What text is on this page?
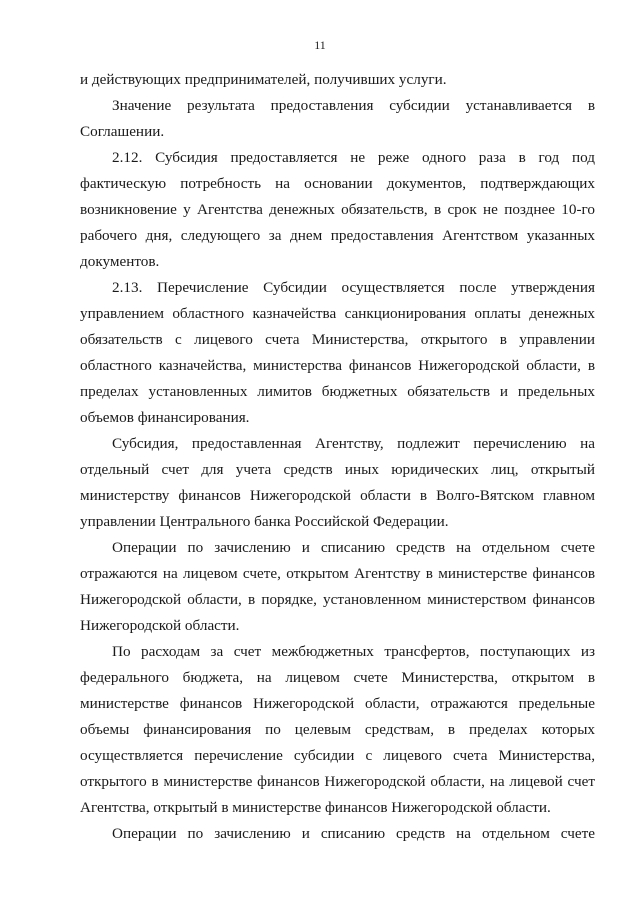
11

и действующих предпринимателей, получивших услуги.

Значение результата предоставления субсидии устанавливается в Соглашении.

2.12. Субсидия предоставляется не реже одного раза в год под фактическую потребность на основании документов, подтверждающих возникновение у Агентства денежных обязательств, в срок не позднее 10-го рабочего дня, следующего за днем предоставления Агентством указанных документов.

2.13. Перечисление Субсидии осуществляется после утверждения управлением областного казначейства санкционирования оплаты денежных обязательств с лицевого счета Министерства, открытого в управлении областного казначейства, министерства финансов Нижегородской области, в пределах установленных лимитов бюджетных обязательств и предельных объемов финансирования.

Субсидия, предоставленная Агентству, подлежит перечислению на отдельный счет для учета средств иных юридических лиц, открытый министерству финансов Нижегородской области в Волго-Вятском главном управлении Центрального банка Российской Федерации.

Операции по зачислению и списанию средств на отдельном счете отражаются на лицевом счете, открытом Агентству в министерстве финансов Нижегородской области, в порядке, установленном министерством финансов Нижегородской области.

По расходам за счет межбюджетных трансфертов, поступающих из федерального бюджета, на лицевом счете Министерства, открытом в министерстве финансов Нижегородской области, отражаются предельные объемы финансирования по целевым средствам, в пределах которых осуществляется перечисление субсидии с лицевого счета Министерства, открытого в министерстве финансов Нижегородской области, на лицевой счет Агентства, открытый в министерстве финансов Нижегородской области.

Операции по зачислению и списанию средств на отдельном счете
